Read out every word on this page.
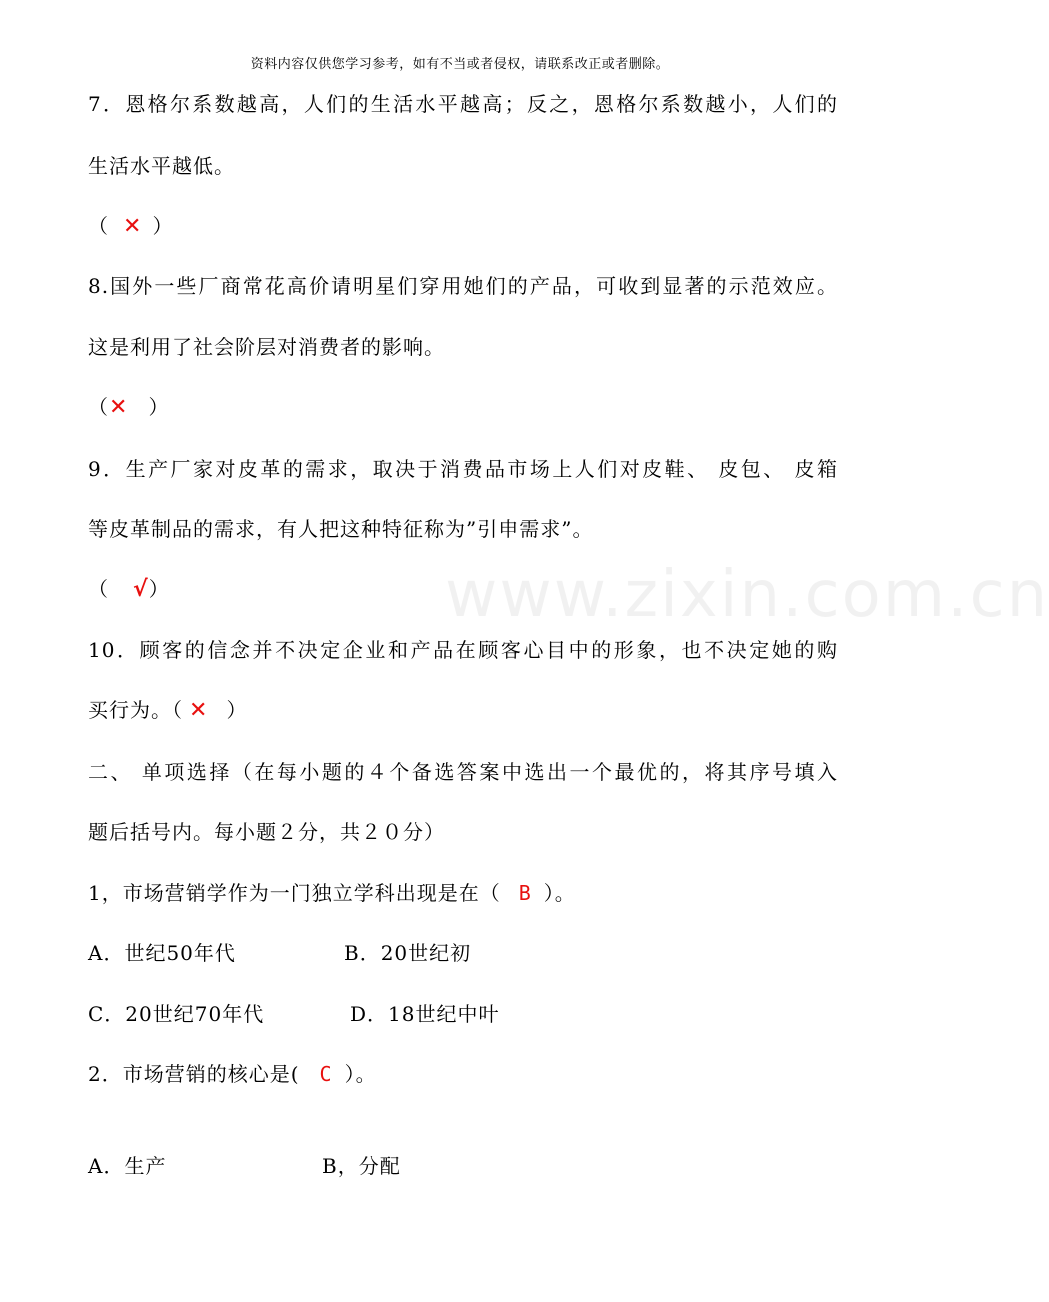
资料内容仅供您学习参考，如有不当或者侵权，请联系改正或者删除。
www.zixin.com.cn
7．恩格尔系数越高，人们的生活水平越高；反之，恩格尔系数越小，人们的
生活水平越低。
（ ✕ ）
8.国外一些厂商常花高价请明星们穿用她们的产品，可收到显著的示范效应。
这是利用了社会阶层对消费者的影响。
（✕ ）
9．生产厂家对皮革的需求，取决于消费品市场上人们对皮鞋、 皮包、 皮箱
等皮革制品的需求，有人把这种特征称为”引申需求”。
（ √）
10．顾客的信念并不决定企业和产品在顾客心目中的形象，也不决定她的购
买行为。（ ✕ ）
二、 单项选择（在每小题的４个备选答案中选出一个最优的，将其序号填入
题后括号内。每小题２分，共２０分）
1，市场营销学作为一门独立学科出现是在（ B ）。
A．世纪50年代	B．20世纪初
C．20世纪70年代	D．18世纪中叶
2．市场营销的核心是( C ）。
A．生产	B，分配
